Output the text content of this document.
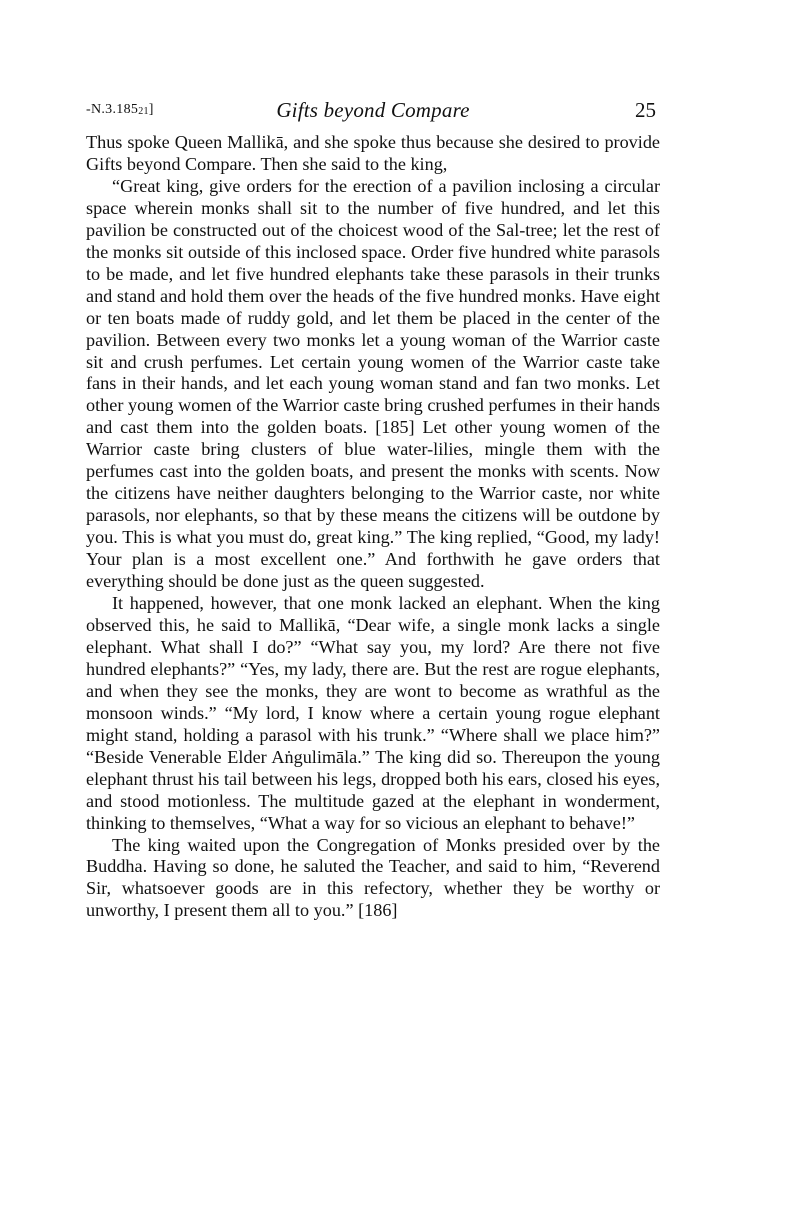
-N.3.18521]	Gifts beyond Compare	25

Thus spoke Queen Mallikā, and she spoke thus because she desired to provide Gifts beyond Compare. Then she said to the king,

“Great king, give orders for the erection of a pavilion inclosing a circular space wherein monks shall sit to the number of five hundred, and let this pavilion be constructed out of the choicest wood of the Sal-tree; let the rest of the monks sit outside of this inclosed space. Order five hundred white parasols to be made, and let five hundred elephants take these parasols in their trunks and stand and hold them over the heads of the five hundred monks. Have eight or ten boats made of ruddy gold, and let them be placed in the center of the pavilion. Between every two monks let a young woman of the Warrior caste sit and crush perfumes. Let certain young women of the Warrior caste take fans in their hands, and let each young woman stand and fan two monks. Let other young women of the Warrior caste bring crushed perfumes in their hands and cast them into the golden boats. [185] Let other young women of the Warrior caste bring clusters of blue water-lilies, mingle them with the perfumes cast into the golden boats, and present the monks with scents. Now the citizens have neither daughters belonging to the Warrior caste, nor white parasols, nor elephants, so that by these means the citizens will be outdone by you. This is what you must do, great king.” The king replied, “Good, my lady! Your plan is a most excellent one.” And forthwith he gave orders that everything should be done just as the queen suggested.

It happened, however, that one monk lacked an elephant. When the king observed this, he said to Mallikā, “Dear wife, a single monk lacks a single elephant. What shall I do?” “What say you, my lord? Are there not five hundred elephants?” “Yes, my lady, there are. But the rest are rogue elephants, and when they see the monks, they are wont to become as wrathful as the monsoon winds.” “My lord, I know where a certain young rogue elephant might stand, holding a parasol with his trunk.” “Where shall we place him?” “Beside Venerable Elder Aṅgulimāla.” The king did so. Thereupon the young elephant thrust his tail between his legs, dropped both his ears, closed his eyes, and stood motionless. The multitude gazed at the elephant in wonderment, thinking to themselves, “What a way for so vicious an elephant to behave!”

The king waited upon the Congregation of Monks presided over by the Buddha. Having so done, he saluted the Teacher, and said to him, “Reverend Sir, whatsoever goods are in this refectory, whether they be worthy or unworthy, I present them all to you.” [186]
